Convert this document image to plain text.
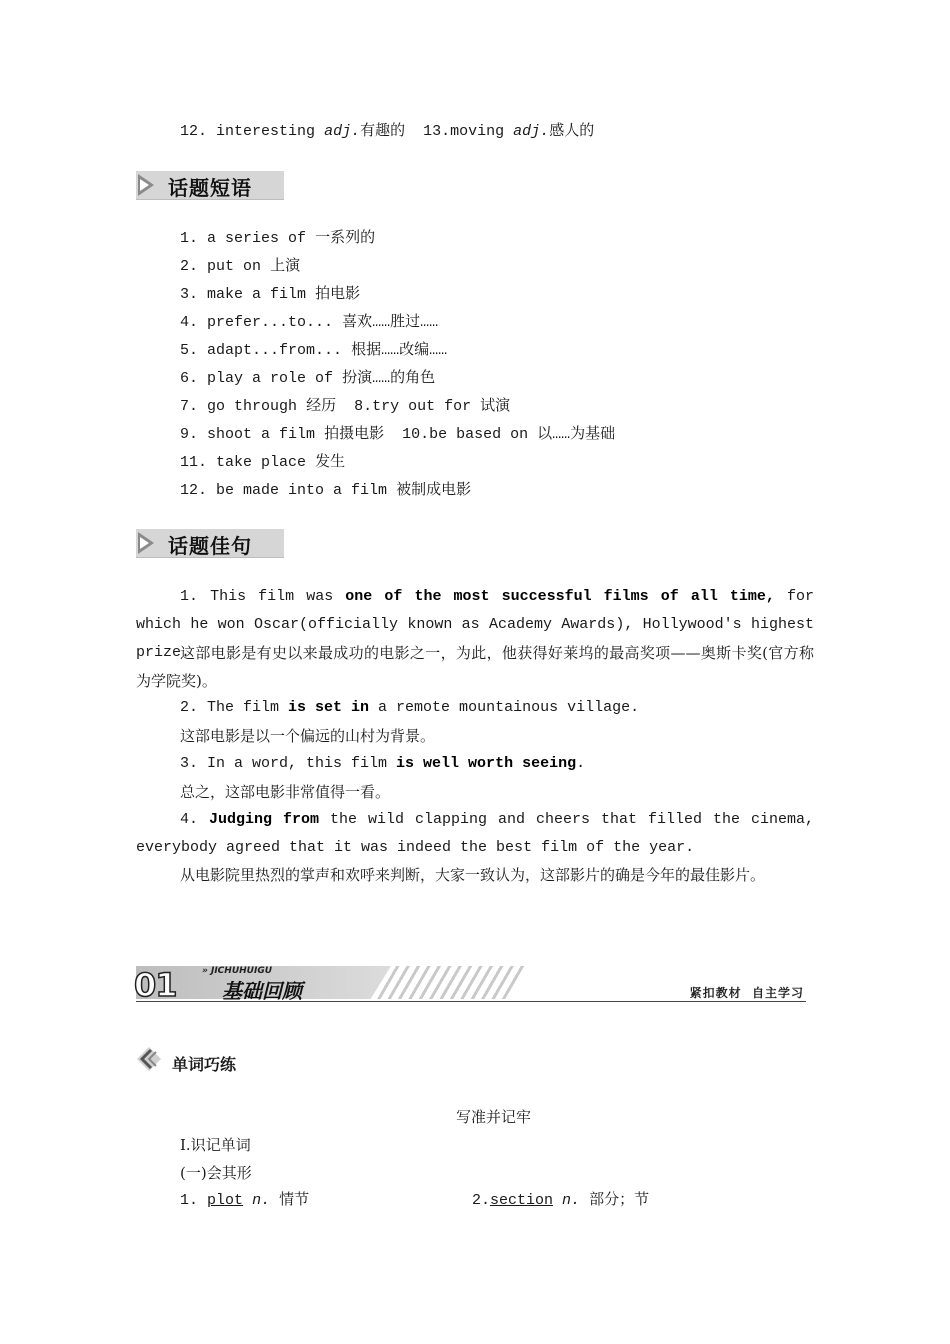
12. interesting adj.有趣的 13.moving adj.感人的
话题短语
1. a series of 一系列的
2. put on 上演
3. make a film 拍电影
4. prefer...to... 喜欢……胜过……
5. adapt...from... 根据……改编……
6. play a role of 扮演……的角色
7. go through 经历 8.try out for 试演
9. shoot a film 拍摄电影 10.be based on 以……为基础
11. take place 发生
12. be made into a film 被制成电影
话题佳句
1. This film was one of the most successful films of all time, for which he won Oscar(officially known as Academy Awards), Hollywood's highest prize.
这部电影是有史以来最成功的电影之一，为此，他获得好莱坞的最高奖项——奥斯卡奖(官方称为学院奖)。
2. The film is set in a remote mountainous village.
这部电影是以一个偏远的山村为背景。
3. In a word, this film is well worth seeing.
总之，这部电影非常值得一看。
4. Judging from the wild clapping and cheers that filled the cinema, everybody agreed that it was indeed the best film of the year.
从电影院里热烈的掌声和欢呼来判断，大家一致认为，这部影片的确是今年的最佳影片。
01	» JICHUHUIGU
基础回顾	紧扣教材 自主学习
单词巧练
写准并记牢
Ⅰ.识记单词
(一)会其形
1. plot n. 情节	2.section n. 部分；节
